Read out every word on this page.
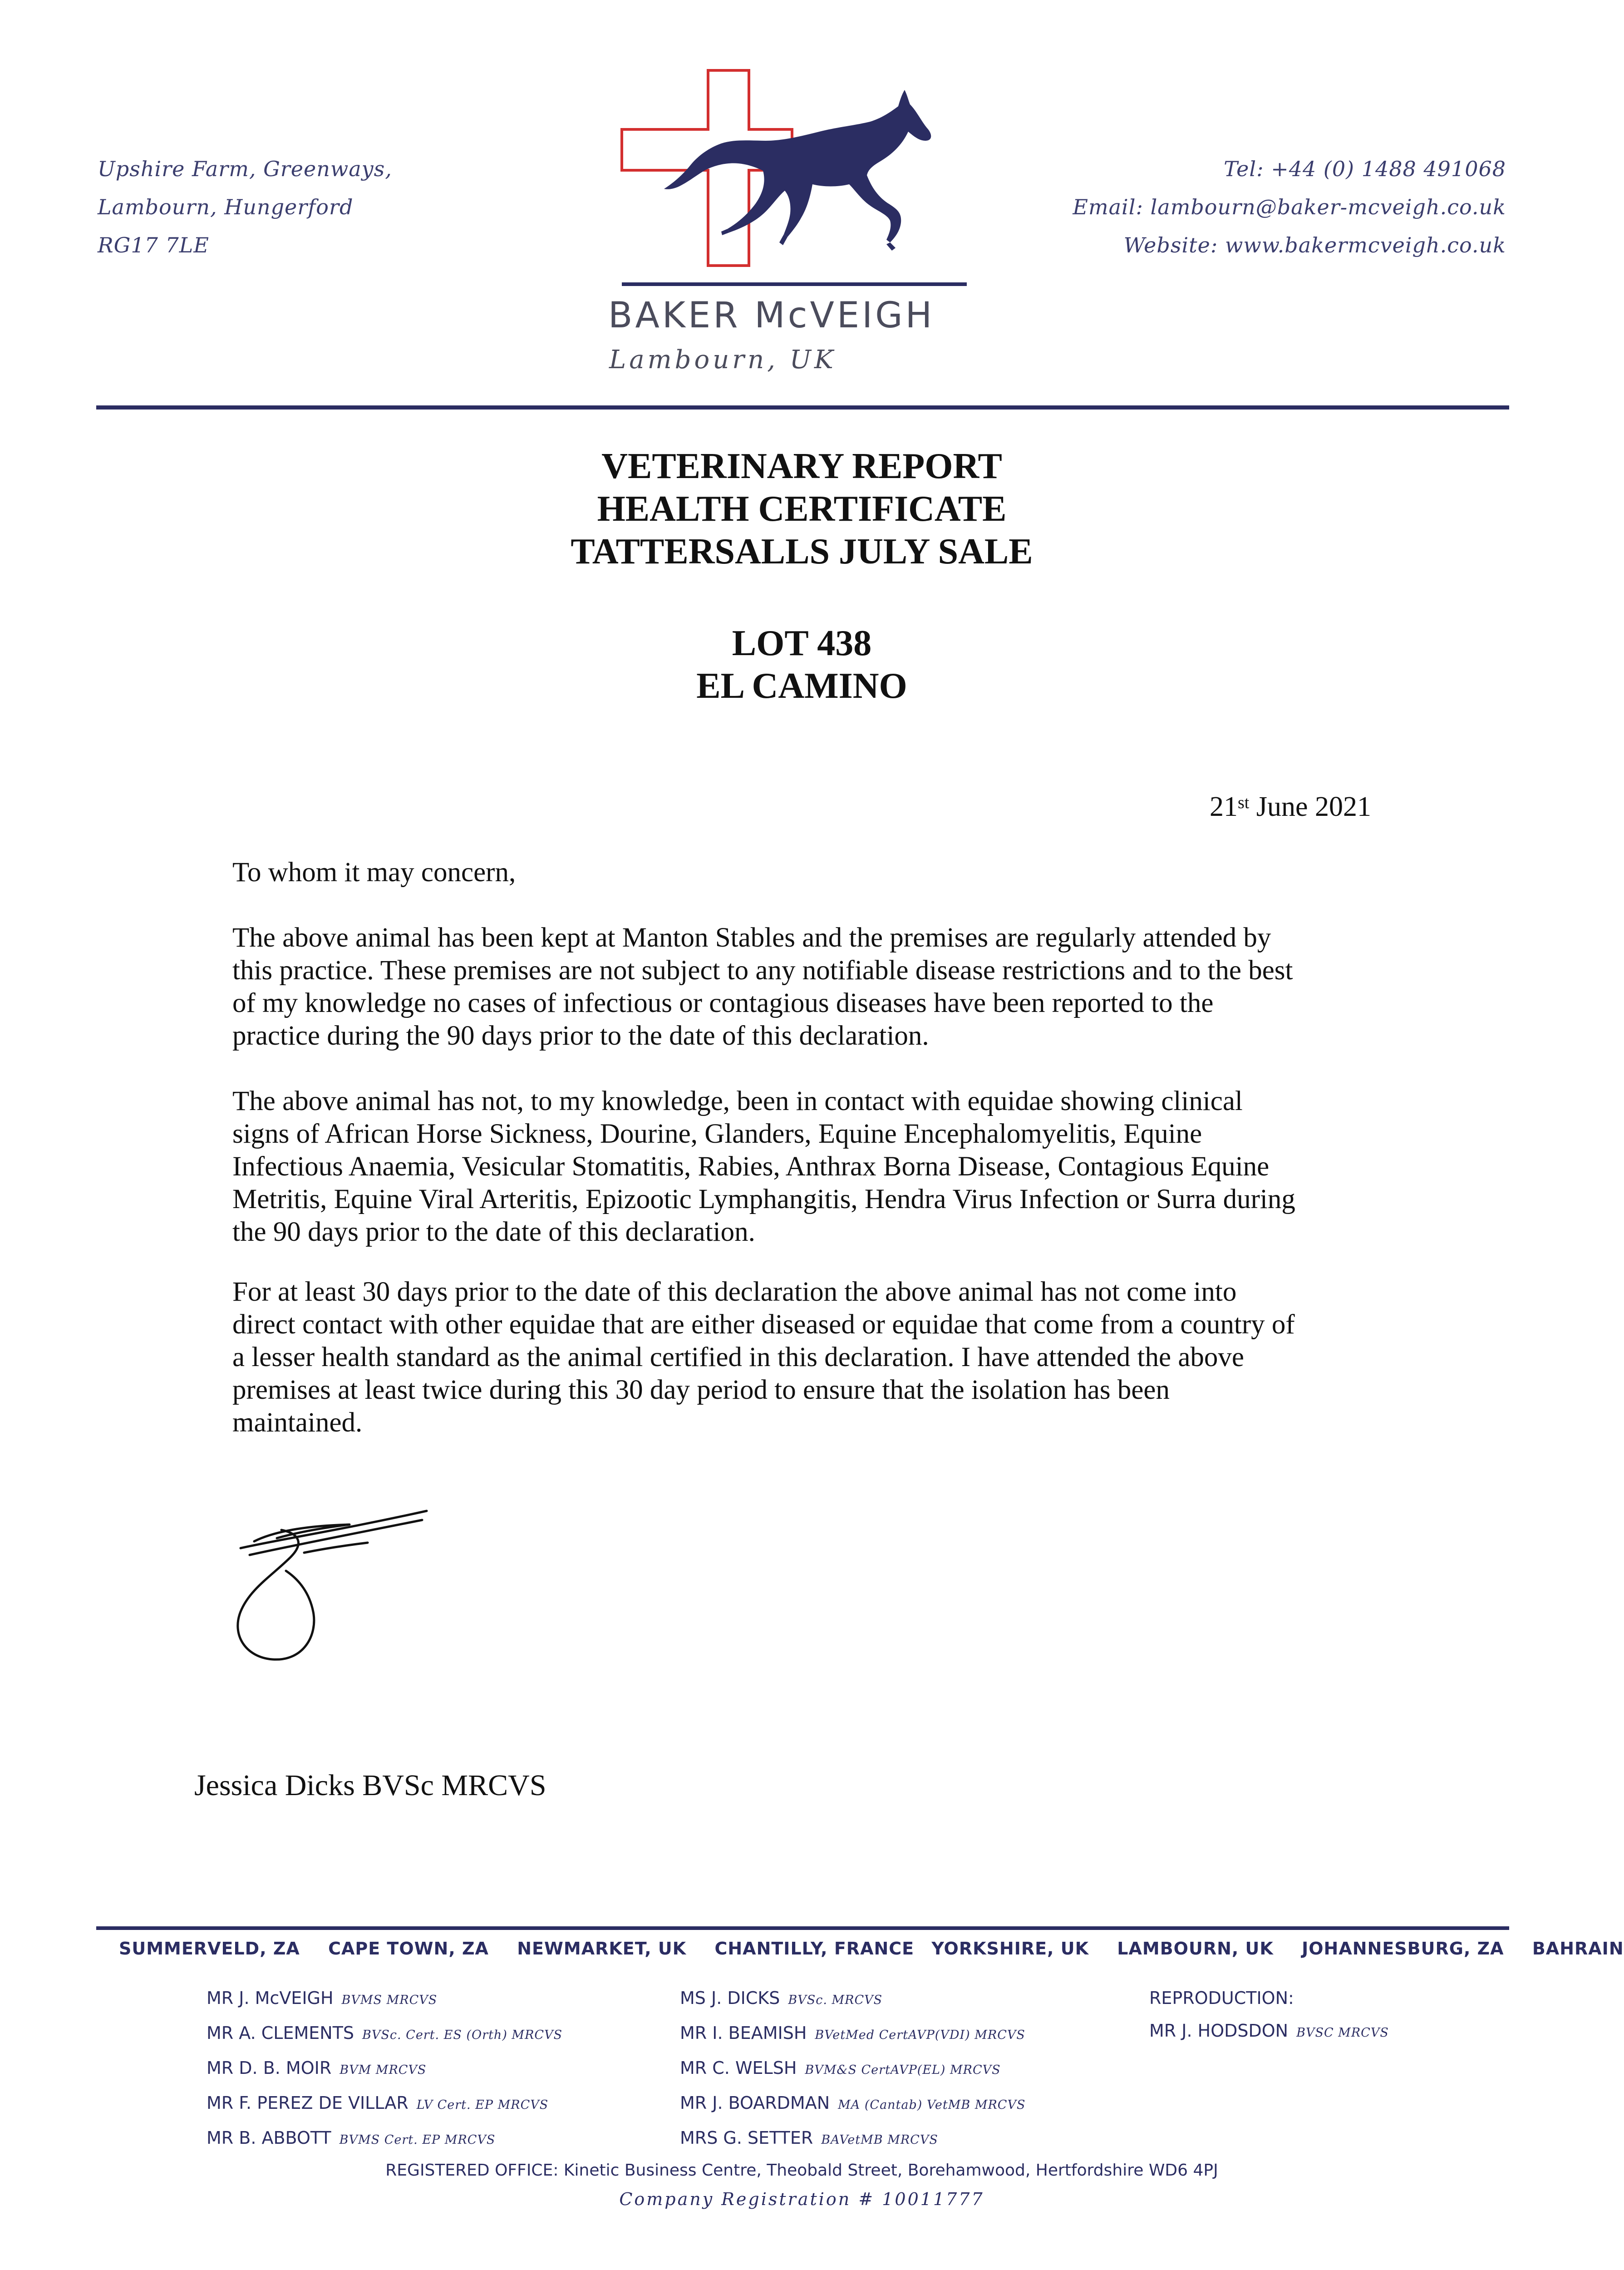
Upshire Farm, Greenways,
Lambourn, Hungerford
RG17 7LE
BAKER McVEIGH
Lambourn, UK
Tel: +44 (0) 1488 491068
Email: lambourn@baker-mcveigh.co.uk
Website: www.bakermcveigh.co.uk
VETERINARY REPORT
HEALTH CERTIFICATE
TATTERSALLS JULY SALE
LOT 438
EL CAMINO
21st June 2021
To whom it may concern,
The above animal has been kept at Manton Stables and the premises are regularly attended by
this practice. These premises are not subject to any notifiable disease restrictions and to the best
of my knowledge no cases of infectious or contagious diseases have been reported to the
practice during the 90 days prior to the date of this declaration.
The above animal has not, to my knowledge, been in contact with equidae showing clinical
signs of African Horse Sickness, Dourine, Glanders, Equine Encephalomyelitis, Equine
Infectious Anaemia, Vesicular Stomatitis, Rabies, Anthrax Borna Disease, Contagious Equine
Metritis, Equine Viral Arteritis, Epizootic Lymphangitis, Hendra Virus Infection or Surra during
the 90 days prior to the date of this declaration.
For at least 30 days prior to the date of this declaration the above animal has not come into
direct contact with other equidae that are either diseased or equidae that come from a country of
a lesser health standard as the animal certified in this declaration. I have attended the above
premises at least twice during this 30 day period to ensure that the isolation has been
maintained.
Jessica Dicks BVSc MRCVS
SUMMERVELD, ZA CAPE TOWN, ZA NEWMARKET, UK CHANTILLY, FRANCE YORKSHIRE, UK LAMBOURN, UK JOHANNESBURG, ZA BAHRAIN
MR J. McVEIGH BVMS MRCVS
MR A. CLEMENTS BVSc. Cert. ES (Orth) MRCVS
MR D. B. MOIR BVM MRCVS
MR F. PEREZ DE VILLAR LV Cert. EP MRCVS
MR B. ABBOTT BVMS Cert. EP MRCVS
MS J. DICKS BVSc. MRCVS
MR I. BEAMISH BVetMed CertAVP(VDI) MRCVS
MR C. WELSH BVM&S CertAVP(EL) MRCVS
MR J. BOARDMAN MA (Cantab) VetMB MRCVS
MRS G. SETTER BAVetMB MRCVS
REPRODUCTION:
MR J. HODSDON BVSC MRCVS
REGISTERED OFFICE: Kinetic Business Centre, Theobald Street, Borehamwood, Hertfordshire WD6 4PJ
Company Registration # 10011777
